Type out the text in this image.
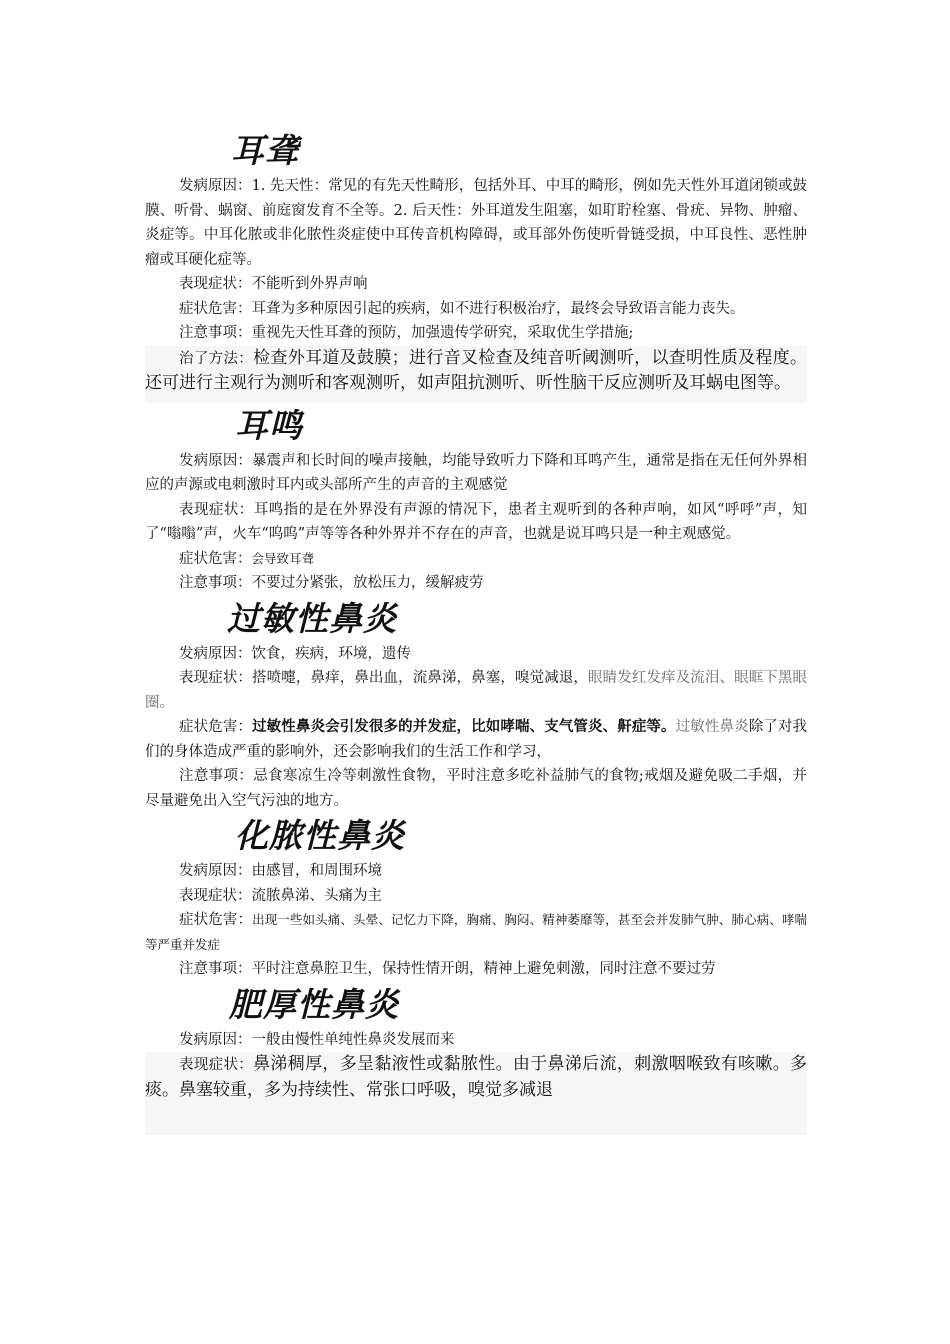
耳聋

发病原因：1. 先天性：常见的有先天性畸形，包括外耳、中耳的畸形，例如先天性外耳道闭锁或鼓膜、听骨、蜗窗、前庭窗发育不全等。2. 后天性：外耳道发生阻塞，如耵聍栓塞、骨疣、异物、肿瘤、炎症等。中耳化脓或非化脓性炎症使中耳传音机构障碍，或耳部外伤使听骨链受损，中耳良性、恶性肿瘤或耳硬化症等。

表现症状：不能听到外界声响

症状危害：耳聋为多种原因引起的疾病，如不进行积极治疗，最终会导致语言能力丧失。

注意事项：重视先天性耳聋的预防，加强遗传学研究，采取优生学措施;

治了方法：检查外耳道及鼓膜；进行音叉检查及纯音听阈测听，以查明性质及程度。还可进行主观行为测听和客观测听，如声阻抗测听、听性脑干反应测听及耳蜗电图等。

耳鸣

发病原因：暴震声和长时间的噪声接触，均能导致听力下降和耳鸣产生，通常是指在无任何外界相应的声源或电刺激时耳内或头部所产生的声音的主观感觉

表现症状：耳鸣指的是在外界没有声源的情况下，患者主观听到的各种声响，如风“呼呼”声，知了“嗡嗡”声，火车“呜呜”声等等各种外界并不存在的声音，也就是说耳鸣只是一种主观感觉。

症状危害：会导致耳聋

注意事项：不要过分紧张，放松压力，缓解疲劳

过敏性鼻炎

发病原因：饮食，疾病，环境，遗传

表现症状：搭喷嚏，鼻痒，鼻出血，流鼻涕，鼻塞，嗅觉减退，眼睛发红发痒及流泪、眼眶下黑眼圈。

症状危害：过敏性鼻炎会引发很多的并发症，比如哮喘、支气管炎、鼾症等。过敏性鼻炎除了对我们的身体造成严重的影响外，还会影响我们的生活工作和学习，

注意事项：忌食寒凉生冷等刺激性食物，平时注意多吃补益肺气的食物;戒烟及避免吸二手烟，并尽量避免出入空气污浊的地方。

化脓性鼻炎

发病原因：由感冒，和周围环境

表现症状：流脓鼻涕、头痛为主

症状危害：出现一些如头痛、头晕、记忆力下降，胸痛、胸闷、精神萎靡等，甚至会并发肺气肿、肺心病、哮喘等严重并发症

注意事项：平时注意鼻腔卫生，保持性情开朗，精神上避免刺激，同时注意不要过劳

肥厚性鼻炎

发病原因：一般由慢性单纯性鼻炎发展而来

表现症状：鼻涕稠厚，多呈黏液性或黏脓性。由于鼻涕后流，刺激咽喉致有咳嗽。多痰。鼻塞较重，多为持续性、常张口呼吸，嗅觉多减退
